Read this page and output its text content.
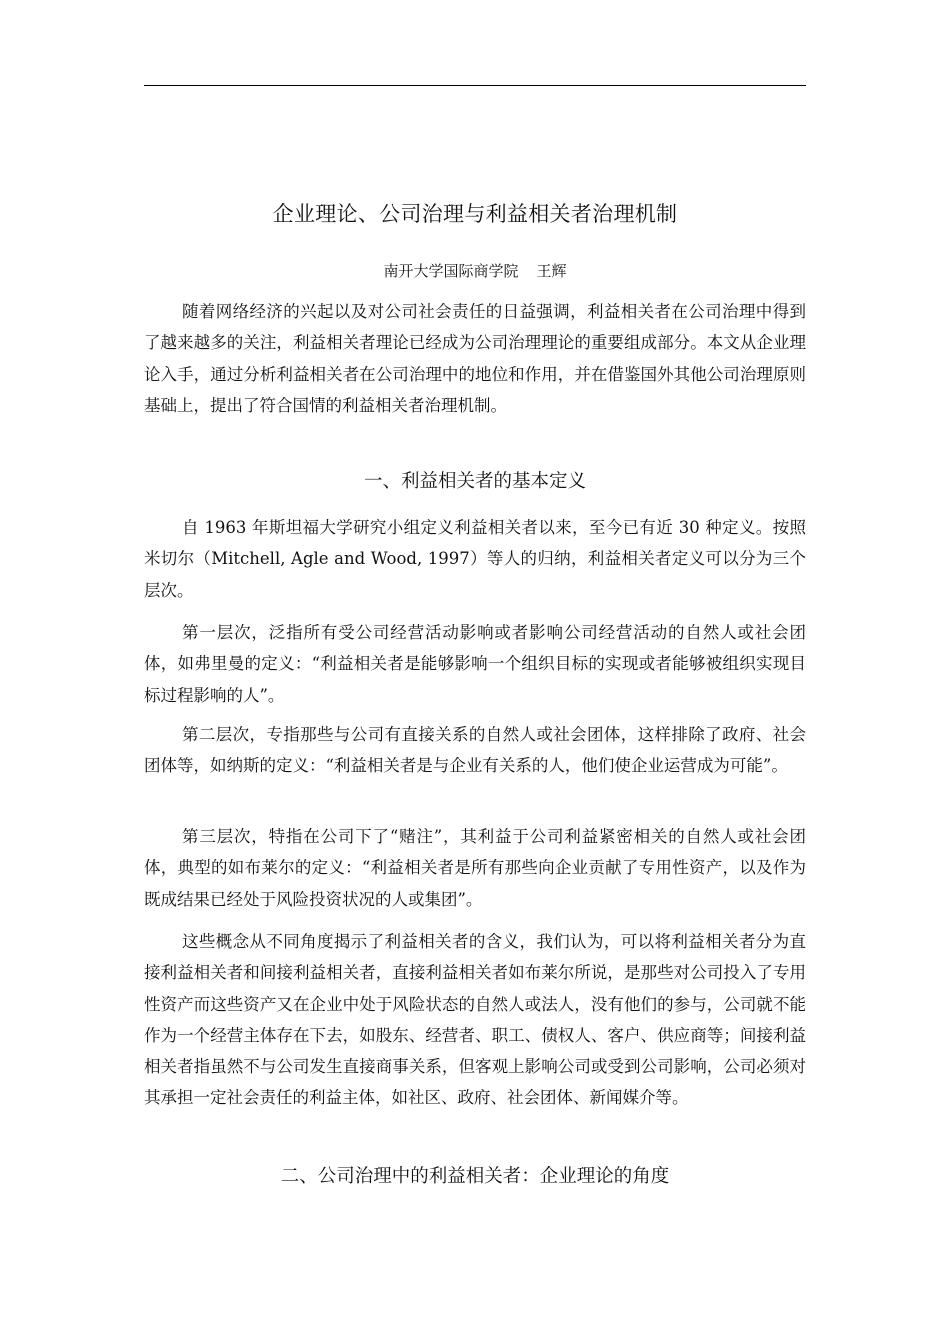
企业理论、公司治理与利益相关者治理机制
南开大学国际商学院 王辉

随着网络经济的兴起以及对公司社会责任的日益强调，利益相关者在公司治理中得到了越来越多的关注，利益相关者理论已经成为公司治理理论的重要组成部分。本文从企业理论入手，通过分析利益相关者在公司治理中的地位和作用，并在借鉴国外其他公司治理原则基础上，提出了符合国情的利益相关者治理机制。

一、利益相关者的基本定义

自 1963 年斯坦福大学研究小组定义利益相关者以来，至今已有近 30 种定义。按照米切尔（Mitchell, Agle and Wood, 1997）等人的归纳，利益相关者定义可以分为三个层次。

第一层次，泛指所有受公司经营活动影响或者影响公司经营活动的自然人或社会团体，如弗里曼的定义：“利益相关者是能够影响一个组织目标的实现或者能够被组织实现目标过程影响的人”。

第二层次，专指那些与公司有直接关系的自然人或社会团体，这样排除了政府、社会团体等，如纳斯的定义：“利益相关者是与企业有关系的人，他们使企业运营成为可能”。

第三层次，特指在公司下了“赌注”，其利益于公司利益紧密相关的自然人或社会团体，典型的如布莱尔的定义：“利益相关者是所有那些向企业贡献了专用性资产，以及作为既成结果已经处于风险投资状况的人或集团”。

这些概念从不同角度揭示了利益相关者的含义，我们认为，可以将利益相关者分为直接利益相关者和间接利益相关者，直接利益相关者如布莱尔所说，是那些对公司投入了专用性资产而这些资产又在企业中处于风险状态的自然人或法人，没有他们的参与，公司就不能作为一个经营主体存在下去，如股东、经营者、职工、债权人、客户、供应商等；间接利益相关者指虽然不与公司发生直接商事关系，但客观上影响公司或受到公司影响，公司必须对其承担一定社会责任的利益主体，如社区、政府、社会团体、新闻媒介等。

二、公司治理中的利益相关者：企业理论的角度
